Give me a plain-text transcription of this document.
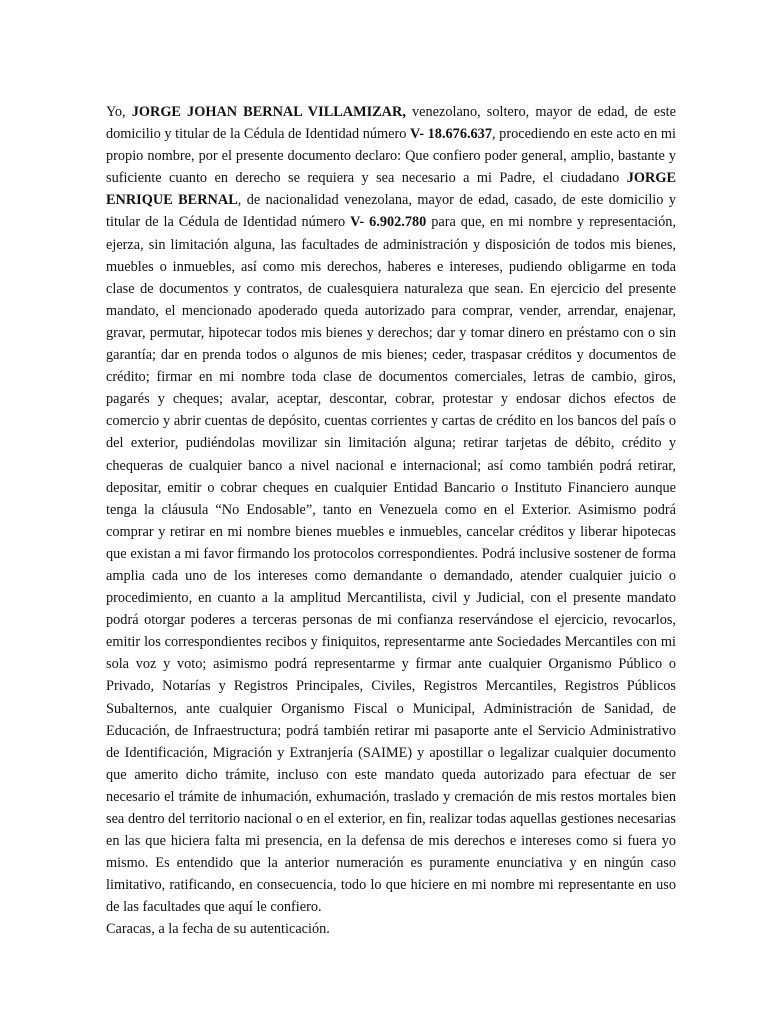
Yo, JORGE JOHAN BERNAL VILLAMIZAR, venezolano, soltero, mayor de edad, de este domicilio y titular de la Cédula de Identidad número V- 18.676.637, procediendo en este acto en mi propio nombre, por el presente documento declaro: Que confiero poder general, amplio, bastante y suficiente cuanto en derecho se requiera y sea necesario a mi Padre, el ciudadano JORGE ENRIQUE BERNAL, de nacionalidad venezolana, mayor de edad, casado, de este domicilio y titular de la Cédula de Identidad número V- 6.902.780 para que, en mi nombre y representación, ejerza, sin limitación alguna, las facultades de administración y disposición de todos mis bienes, muebles o inmuebles, así como mis derechos, haberes e intereses, pudiendo obligarme en toda clase de documentos y contratos, de cualesquiera naturaleza que sean. En ejercicio del presente mandato, el mencionado apoderado queda autorizado para comprar, vender, arrendar, enajenar, gravar, permutar, hipotecar todos mis bienes y derechos; dar y tomar dinero en préstamo con o sin garantía; dar en prenda todos o algunos de mis bienes; ceder, traspasar créditos y documentos de crédito; firmar en mi nombre toda clase de documentos comerciales, letras de cambio, giros, pagarés y cheques; avalar, aceptar, descontar, cobrar, protestar y endosar dichos efectos de comercio y abrir cuentas de depósito, cuentas corrientes y cartas de crédito en los bancos del país o del exterior, pudiéndolas movilizar sin limitación alguna; retirar tarjetas de débito, crédito y chequeras de cualquier banco a nivel nacional e internacional; así como también podrá retirar, depositar, emitir o cobrar cheques en cualquier Entidad Bancario o Instituto Financiero aunque tenga la cláusula “No Endosable”, tanto en Venezuela como en el Exterior. Asimismo podrá comprar y retirar en mi nombre bienes muebles e inmuebles, cancelar créditos y liberar hipotecas que existan a mi favor firmando los protocolos correspondientes. Podrá inclusive sostener de forma amplia cada uno de los intereses como demandante o demandado, atender cualquier juicio o procedimiento, en cuanto a la amplitud Mercantilista, civil y Judicial, con el presente mandato podrá otorgar poderes a terceras personas de mi confianza reservándose el ejercicio, revocarlos, emitir los correspondientes recibos y finiquitos, representarme ante Sociedades Mercantiles con mi sola voz y voto; asimismo podrá representarme y firmar ante cualquier Organismo Público o Privado, Notarías y Registros Principales, Civiles, Registros Mercantiles, Registros Públicos Subalternos, ante cualquier Organismo Fiscal o Municipal, Administración de Sanidad, de Educación, de Infraestructura; podrá también retirar mi pasaporte ante el Servicio Administrativo de Identificación, Migración y Extranjería (SAIME) y apostillar o legalizar cualquier documento que amerito dicho trámite, incluso con este mandato queda autorizado para efectuar de ser necesario el trámite de inhumación, exhumación, traslado y cremación de mis restos mortales bien sea dentro del territorio nacional o en el exterior, en fin, realizar todas aquellas gestiones necesarias en las que hiciera falta mi presencia, en la defensa de mis derechos e intereses como si fuera yo mismo. Es entendido que la anterior numeración es puramente enunciativa y en ningún caso limitativo, ratificando, en consecuencia, todo lo que hiciere en mi nombre mi representante en uso de las facultades que aquí le confiero.

Caracas, a la fecha de su autenticación.
